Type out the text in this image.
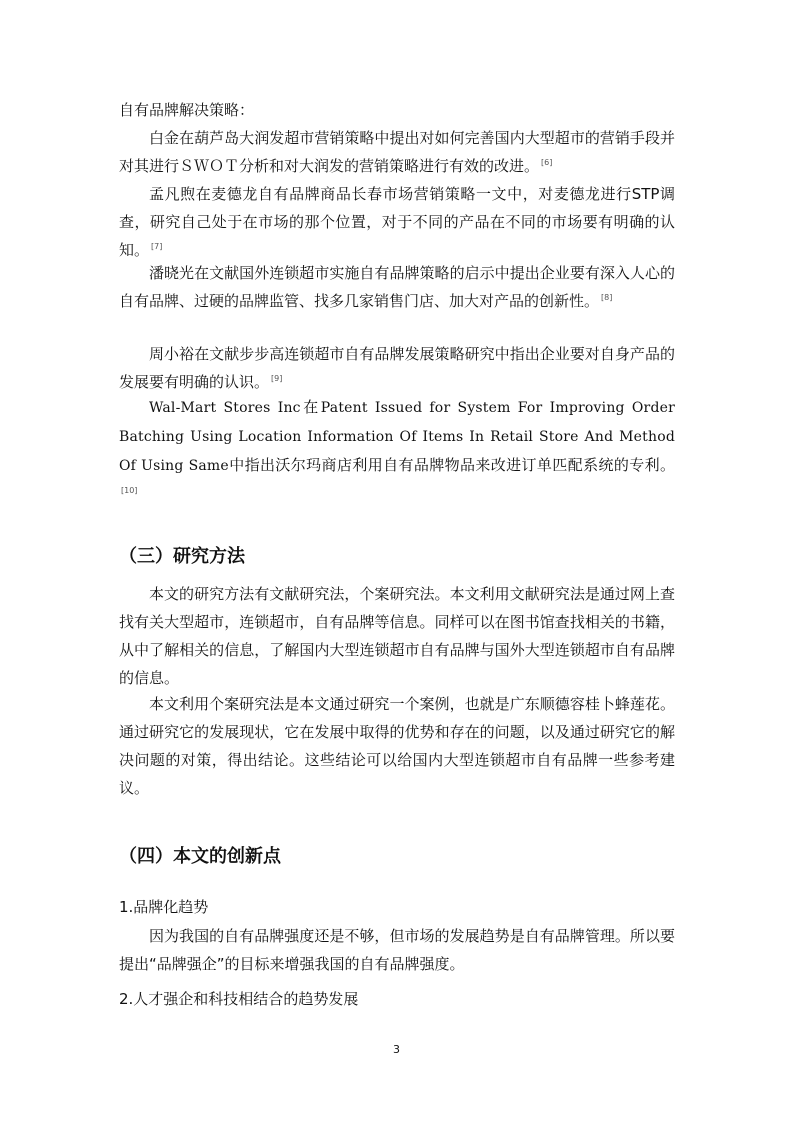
自有品牌解决策略：

白金在葫芦岛大润发超市营销策略中提出对如何完善国内大型超市的营销手段并对其进行ＳＷＯＴ分析和对大润发的营销策略进行有效的改进。 [6]

孟凡煦在麦德龙自有品牌商品长春市场营销策略一文中，对麦德龙进行STP调查，研究自己处于在市场的那个位置，对于不同的产品在不同的市场要有明确的认知。 [7]

潘晓光在文献国外连锁超市实施自有品牌策略的启示中提出企业要有深入人心的自有品牌、过硬的品牌监管、找多几家销售门店、加大对产品的创新性。 [8]

周小裕在文献步步高连锁超市自有品牌发展策略研究中指出企业要对自身产品的发展要有明确的认识。 [9]

Wal-Mart Stores Inc在Patent Issued for System For Improving Order Batching Using Location Information Of Items In Retail Store And Method Of Using Same中指出沃尔玛商店利用自有品牌物品来改进订单匹配系统的专利。[10]

（三）研究方法

本文的研究方法有文献研究法，个案研究法。本文利用文献研究法是通过网上查找有关大型超市，连锁超市，自有品牌等信息。同样可以在图书馆查找相关的书籍，从中了解相关的信息，了解国内大型连锁超市自有品牌与国外大型连锁超市自有品牌的信息。

本文利用个案研究法是本文通过研究一个案例，也就是广东顺德容桂卜蜂莲花。通过研究它的发展现状，它在发展中取得的优势和存在的问题，以及通过研究它的解决问题的对策，得出结论。这些结论可以给国内大型连锁超市自有品牌一些参考建议。

（四）本文的创新点

1.品牌化趋势

因为我国的自有品牌强度还是不够，但市场的发展趋势是自有品牌管理。所以要提出“品牌强企”的目标来增强我国的自有品牌强度。

2.人才强企和科技相结合的趋势发展

3
